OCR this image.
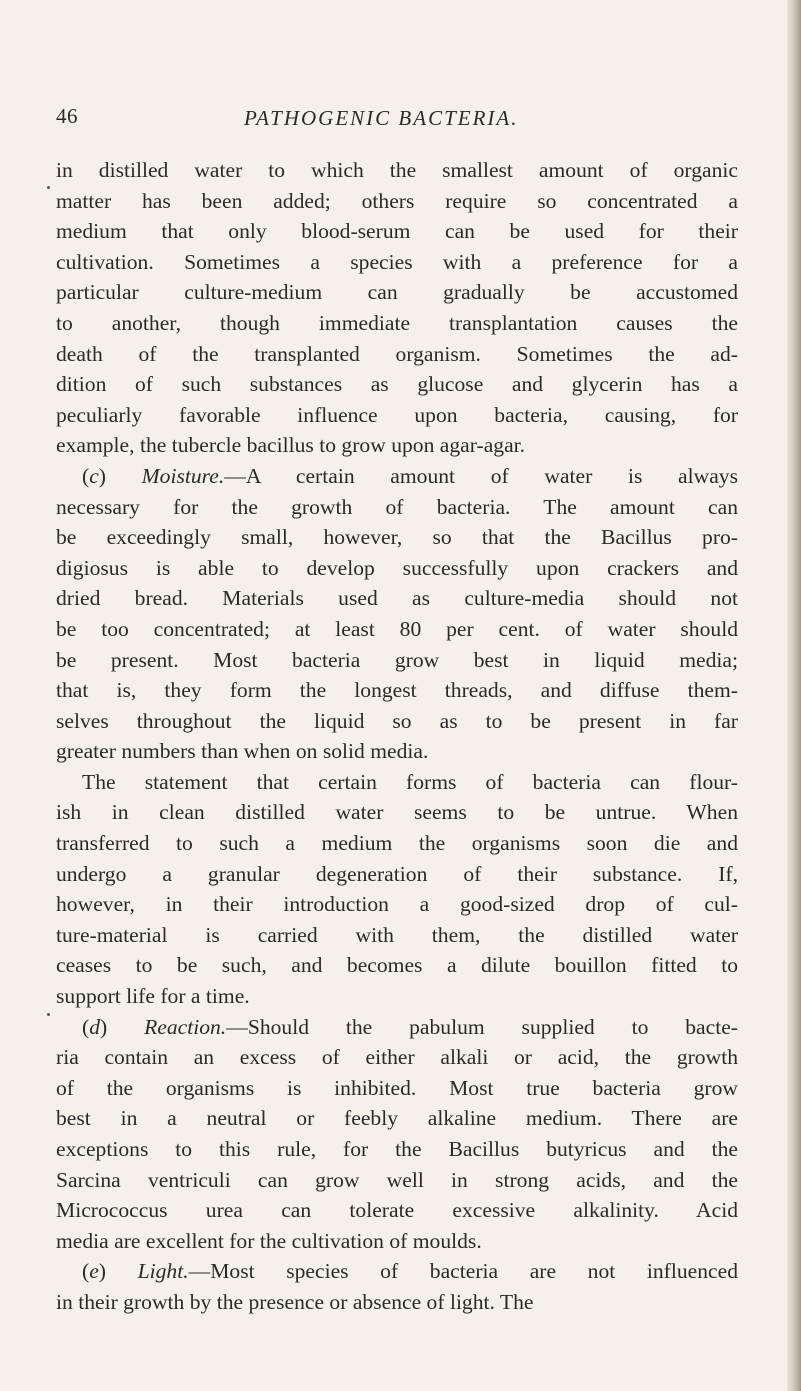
46	PATHOGENIC BACTERIA.
in distilled water to which the smallest amount of organic
matter has been added; others require so concentrated a
medium that only blood-serum can be used for their
cultivation. Sometimes a species with a preference for a
particular culture-medium can gradually be accustomed
to another, though immediate transplantation causes the
death of the transplanted organism. Sometimes the ad-
dition of such substances as glucose and glycerin has a
peculiarly favorable influence upon bacteria, causing, for
example, the tubercle bacillus to grow upon agar-agar.
(c) Moisture.—A certain amount of water is always
necessary for the growth of bacteria. The amount can
be exceedingly small, however, so that the Bacillus pro-
digiosus is able to develop successfully upon crackers and
dried bread. Materials used as culture-media should not
be too concentrated; at least 80 per cent. of water should
be present. Most bacteria grow best in liquid media;
that is, they form the longest threads, and diffuse them-
selves throughout the liquid so as to be present in far
greater numbers than when on solid media.
The statement that certain forms of bacteria can flour-
ish in clean distilled water seems to be untrue. When
transferred to such a medium the organisms soon die and
undergo a granular degeneration of their substance. If,
however, in their introduction a good-sized drop of cul-
ture-material is carried with them, the distilled water
ceases to be such, and becomes a dilute bouillon fitted to
support life for a time.
(d) Reaction.—Should the pabulum supplied to bacte-
ria contain an excess of either alkali or acid, the growth
of the organisms is inhibited. Most true bacteria grow
best in a neutral or feebly alkaline medium. There are
exceptions to this rule, for the Bacillus butyricus and the
Sarcina ventriculi can grow well in strong acids, and the
Micrococcus urea can tolerate excessive alkalinity. Acid
media are excellent for the cultivation of moulds.
(e) Light.—Most species of bacteria are not influenced
in their growth by the presence or absence of light. The
